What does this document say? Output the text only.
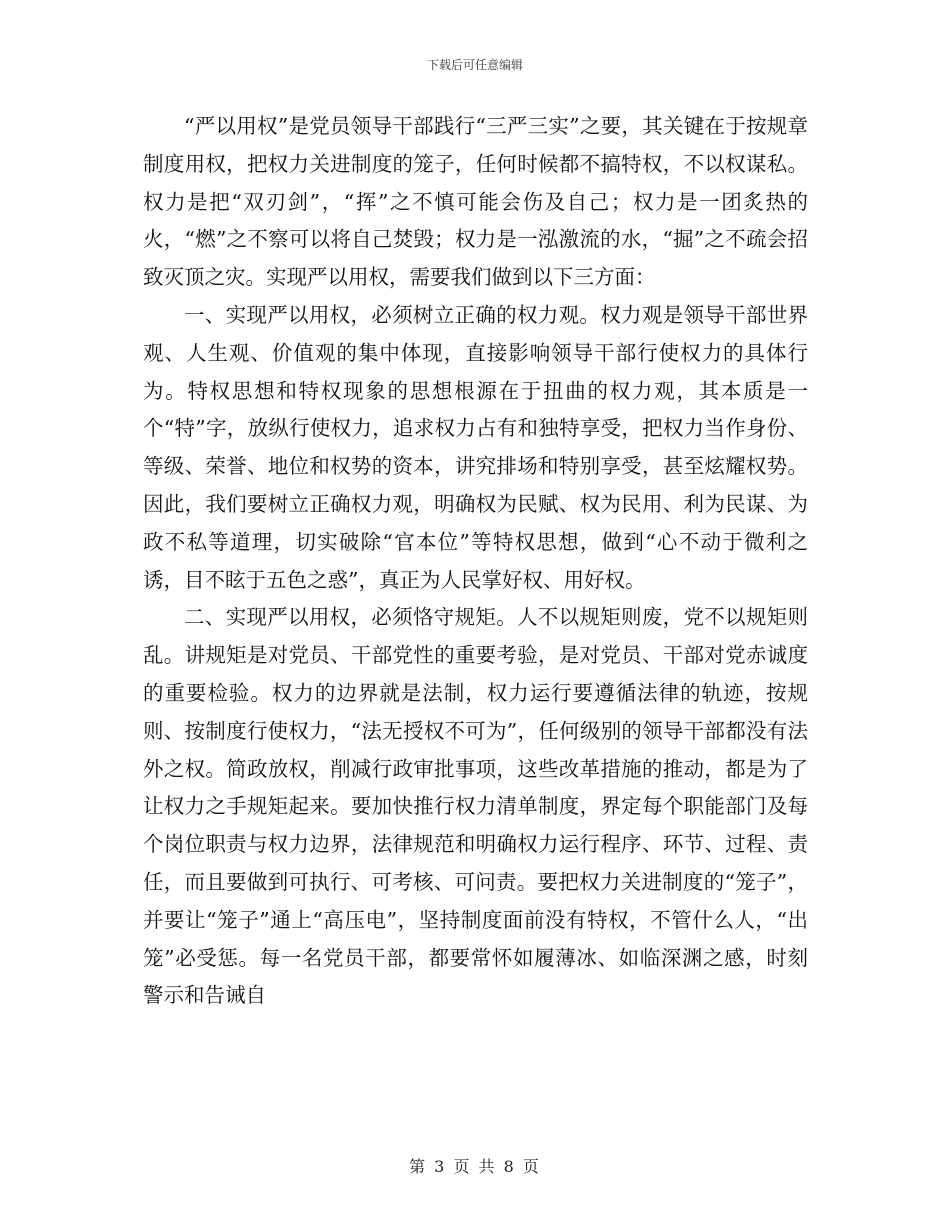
下载后可任意编辑

“严以用权”是党员领导干部践行“三严三实”之要，其关键在于按规章制度用权，把权力关进制度的笼子，任何时候都不搞特权，不以权谋私。权力是把“双刃剑”，“挥”之不慎可能会伤及自己；权力是一团炙热的火，“燃”之不察可以将自己焚毁；权力是一泓激流的水，“掘”之不疏会招致灭顶之灾。实现严以用权，需要我们做到以下三方面：

一、实现严以用权，必须树立正确的权力观。权力观是领导干部世界观、人生观、价值观的集中体现，直接影响领导干部行使权力的具体行为。特权思想和特权现象的思想根源在于扭曲的权力观，其本质是一个“特”字，放纵行使权力，追求权力占有和独特享受，把权力当作身份、等级、荣誉、地位和权势的资本，讲究排场和特别享受，甚至炫耀权势。因此，我们要树立正确权力观，明确权为民赋、权为民用、利为民谋、为政不私等道理，切实破除“官本位”等特权思想，做到“心不动于微利之诱，目不眩于五色之惑”，真正为人民掌好权、用好权。

二、实现严以用权，必须恪守规矩。人不以规矩则废，党不以规矩则乱。讲规矩是对党员、干部党性的重要考验，是对党员、干部对党赤诚度的重要检验。权力的边界就是法制，权力运行要遵循法律的轨迹，按规则、按制度行使权力，“法无授权不可为”，任何级别的领导干部都没有法外之权。简政放权，削减行政审批事项，这些改革措施的推动，都是为了让权力之手规矩起来。要加快推行权力清单制度，界定每个职能部门及每个岗位职责与权力边界，法律规范和明确权力运行程序、环节、过程、责任，而且要做到可执行、可考核、可问责。要把权力关进制度的“笼子”，并要让“笼子”通上“高压电”，坚持制度面前没有特权，不管什么人，“出笼”必受惩。每一名党员干部，都要常怀如履薄冰、如临深渊之感，时刻警示和告诫自

第 3 页 共 8 页
